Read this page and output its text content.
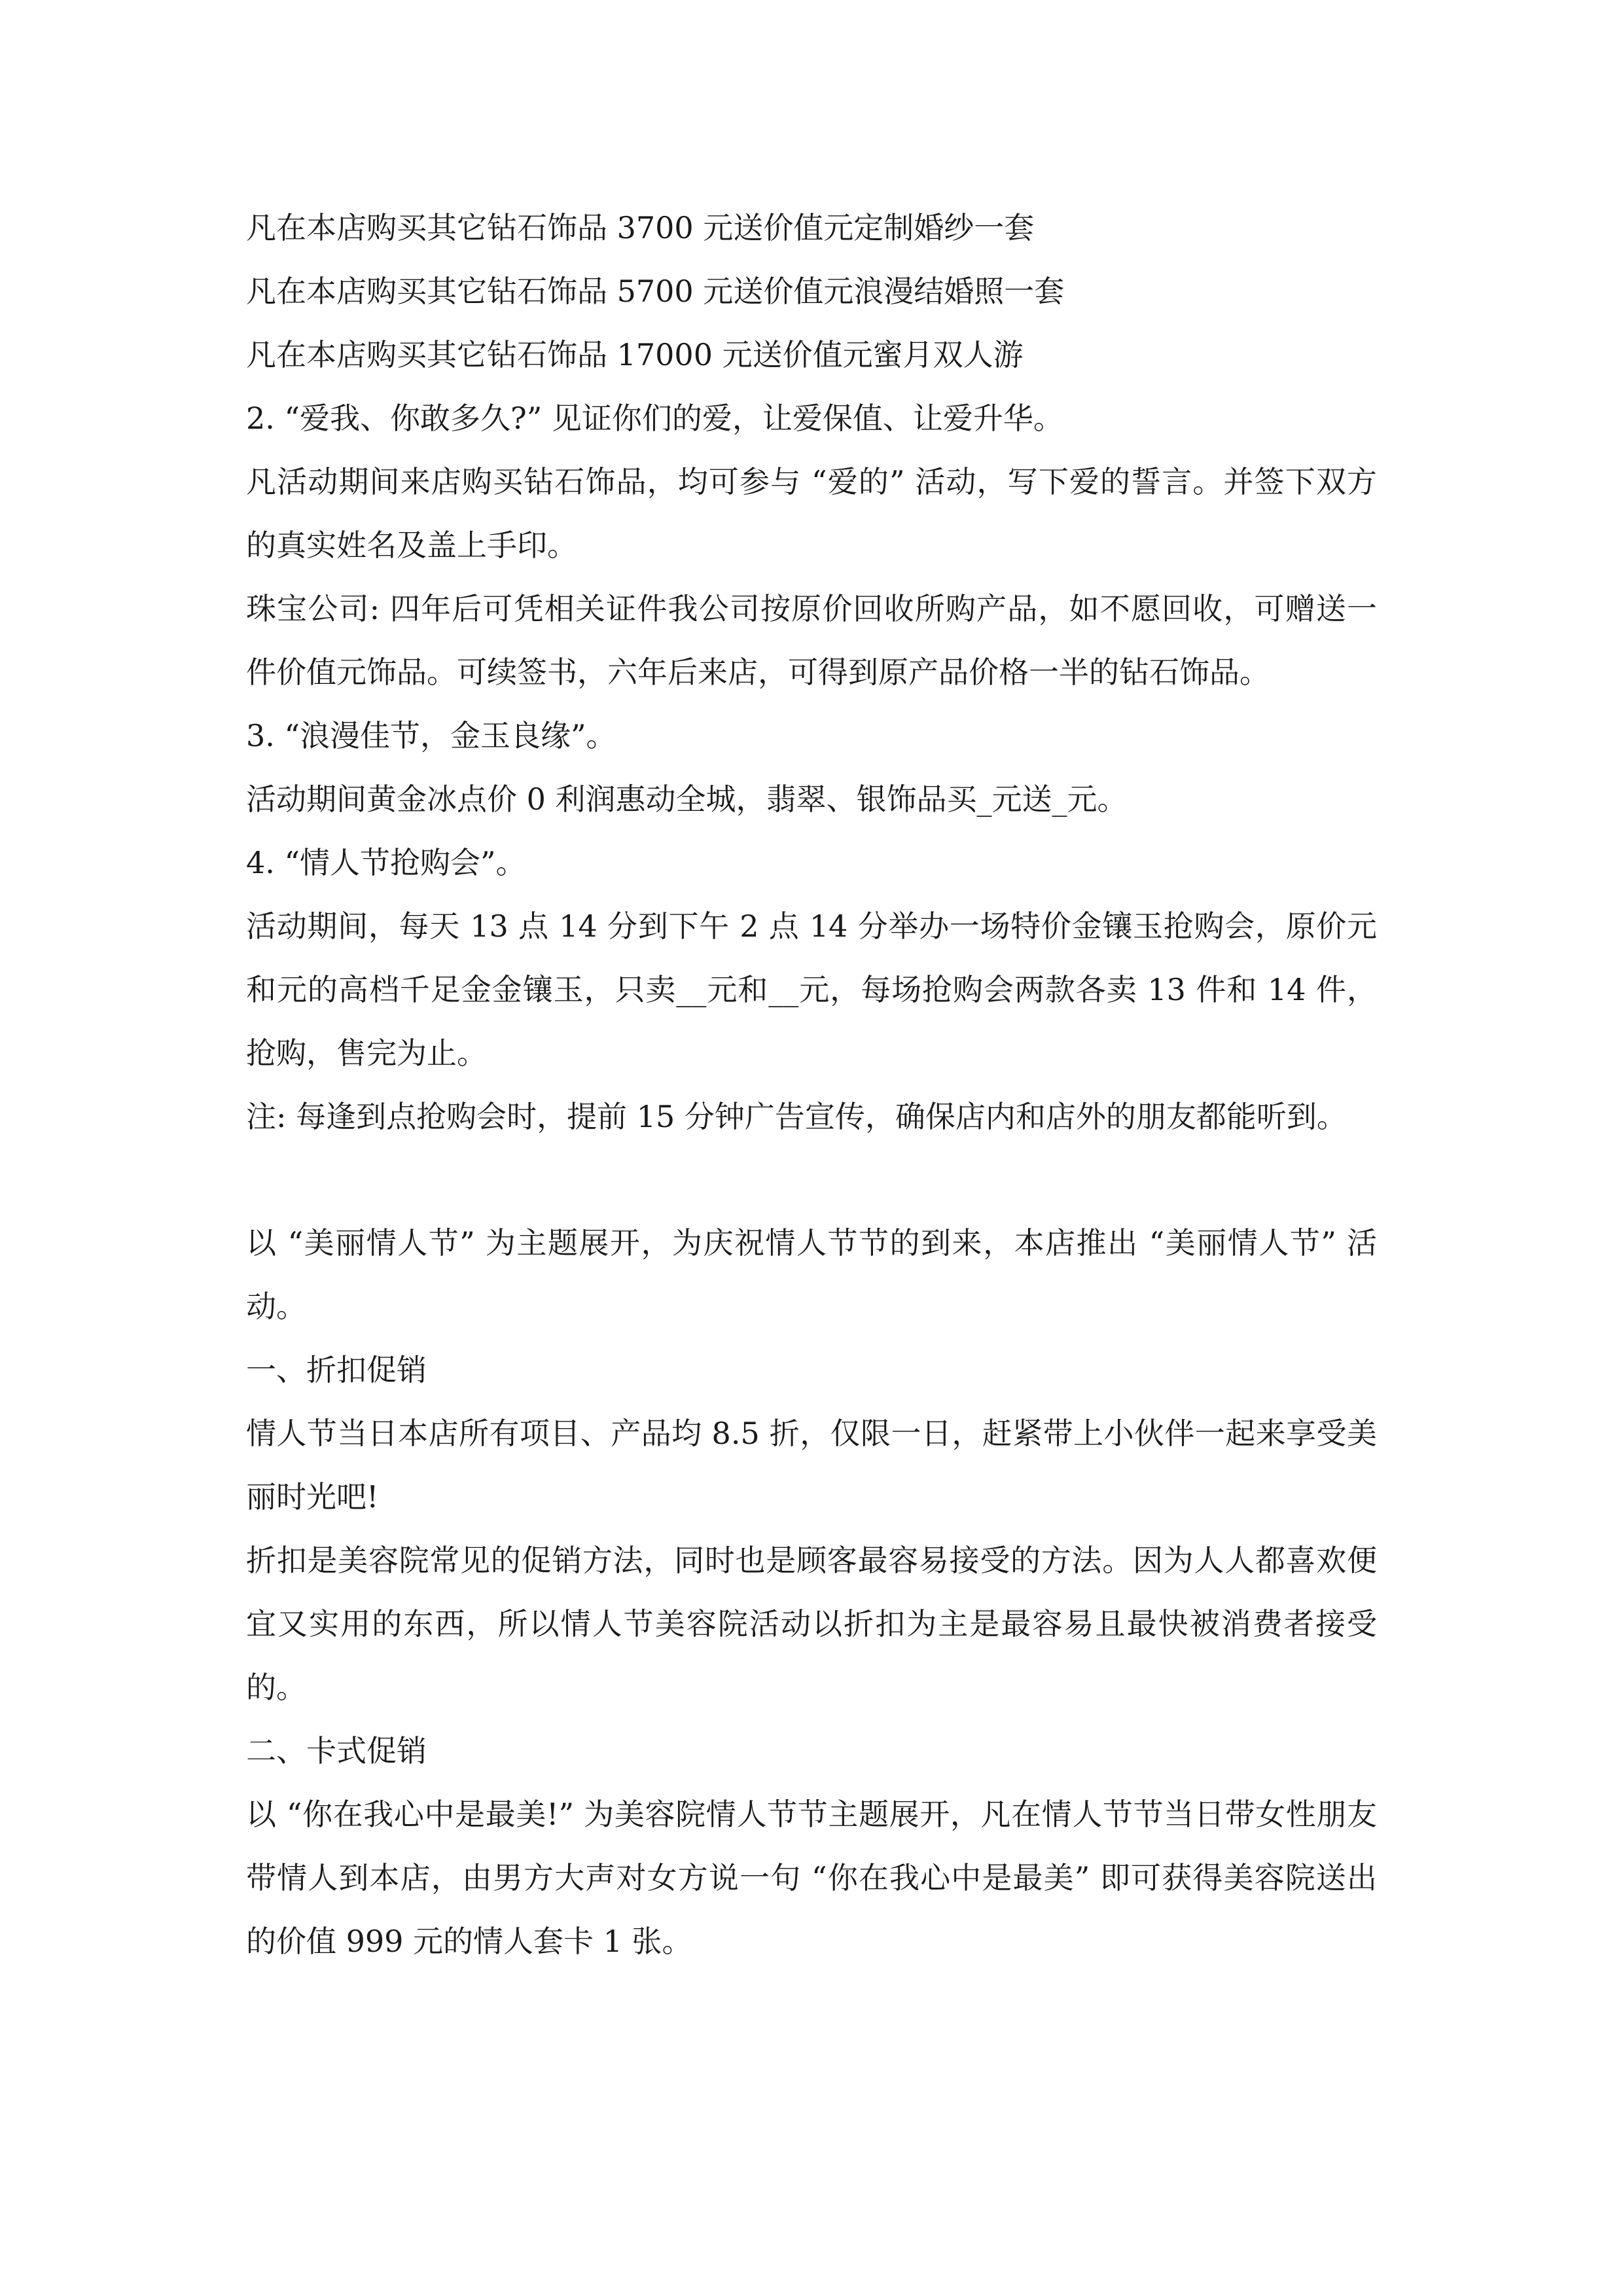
凡在本店购买其它钻石饰品 3700 元送价值元定制婚纱一套

凡在本店购买其它钻石饰品 5700 元送价值元浪漫结婚照一套

凡在本店购买其它钻石饰品 17000 元送价值元蜜月双人游

2. “爱我、你敢多久?” 见证你们的爱，让爱保值、让爱升华。

凡活动期间来店购买钻石饰品，均可参与 “爱的” 活动，写下爱的誓言。并签下双方的真实姓名及盖上手印。

珠宝公司: 四年后可凭相关证件我公司按原价回收所购产品，如不愿回收，可赠送一件价值元饰品。可续签书，六年后来店，可得到原产品价格一半的钻石饰品。

3. “浪漫佳节，金玉良缘”。

活动期间黄金冰点价 0 利润惠动全城，翡翠、银饰品买_元送_元。

4. “情人节抢购会”。

活动期间，每天 13 点 14 分到下午 2 点 14 分举办一场特价金镶玉抢购会，原价元和元的高档千足金金镶玉，只卖__元和__元，每场抢购会两款各卖 13 件和 14 件，抢购，售完为止。

注: 每逢到点抢购会时，提前 15 分钟广告宣传，确保店内和店外的朋友都能听到。

以 “美丽情人节” 为主题展开，为庆祝情人节节的到来，本店推出 “美丽情人节” 活动。

一、折扣促销

情人节当日本店所有项目、产品均 8.5 折，仅限一日，赶紧带上小伙伴一起来享受美丽时光吧!

折扣是美容院常见的促销方法，同时也是顾客最容易接受的方法。因为人人都喜欢便宜又实用的东西，所以情人节美容院活动以折扣为主是最容易且最快被消费者接受的。

二、卡式促销

以 “你在我心中是最美!” 为美容院情人节节主题展开，凡在情人节节当日带女性朋友带情人到本店，由男方大声对女方说一句 “你在我心中是最美” 即可获得美容院送出的价值 999 元的情人套卡 1 张。
